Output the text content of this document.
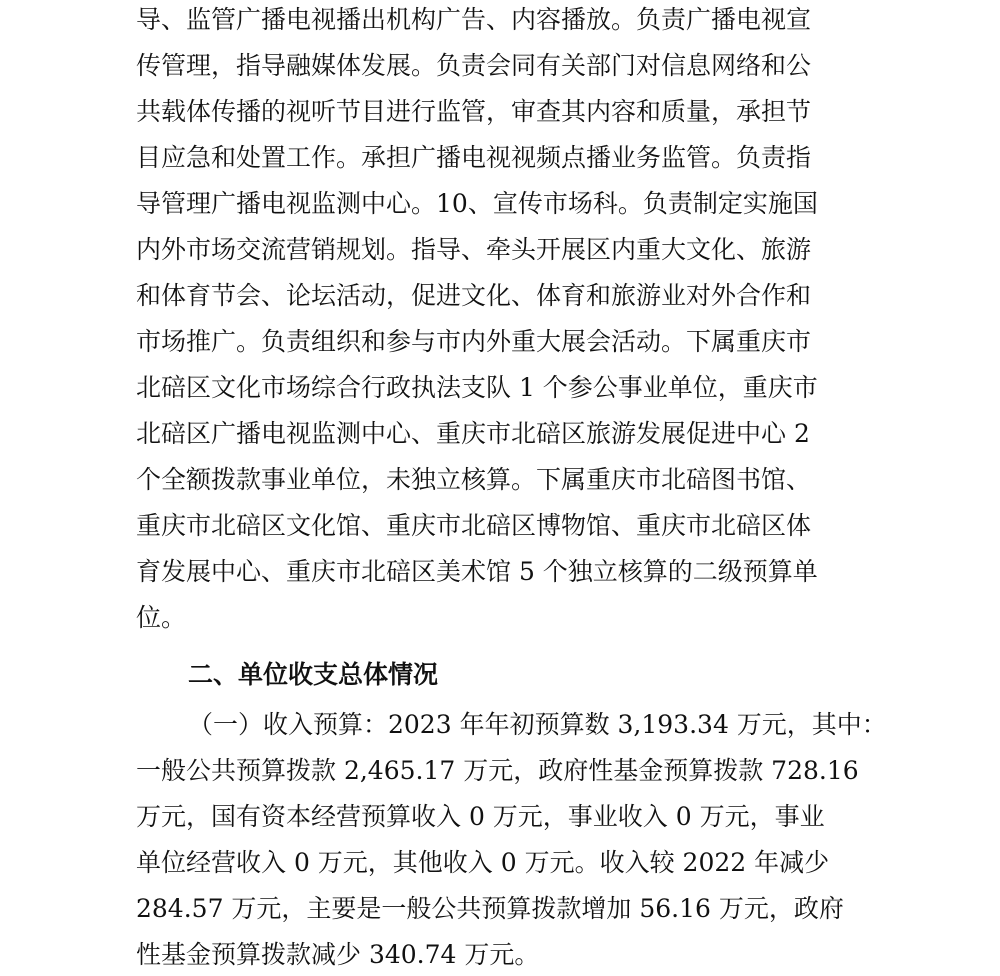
导、监管广播电视播出机构广告、内容播放。负责广播电视宣
传管理，指导融媒体发展。负责会同有关部门对信息网络和公
共载体传播的视听节目进行监管，审查其内容和质量，承担节
目应急和处置工作。承担广播电视视频点播业务监管。负责指
导管理广播电视监测中心。10、宣传市场科。负责制定实施国
内外市场交流营销规划。指导、牵头开展区内重大文化、旅游
和体育节会、论坛活动，促进文化、体育和旅游业对外合作和
市场推广。负责组织和参与市内外重大展会活动。下属重庆市
北碚区文化市场综合行政执法支队 1 个参公事业单位，重庆市
北碚区广播电视监测中心、重庆市北碚区旅游发展促进中心 2
个全额拨款事业单位，未独立核算。下属重庆市北碚图书馆、
重庆市北碚区文化馆、重庆市北碚区博物馆、重庆市北碚区体
育发展中心、重庆市北碚区美术馆 5 个独立核算的二级预算单
位。
二、单位收支总体情况
（一）收入预算：2023 年年初预算数 3,193.34 万元，其中：
一般公共预算拨款 2,465.17 万元，政府性基金预算拨款 728.16
万元，国有资本经营预算收入 0 万元，事业收入 0 万元，事业
单位经营收入 0 万元，其他收入 0 万元。收入较 2022 年减少
284.57 万元，主要是一般公共预算拨款增加 56.16 万元，政府
性基金预算拨款减少 340.74 万元。
